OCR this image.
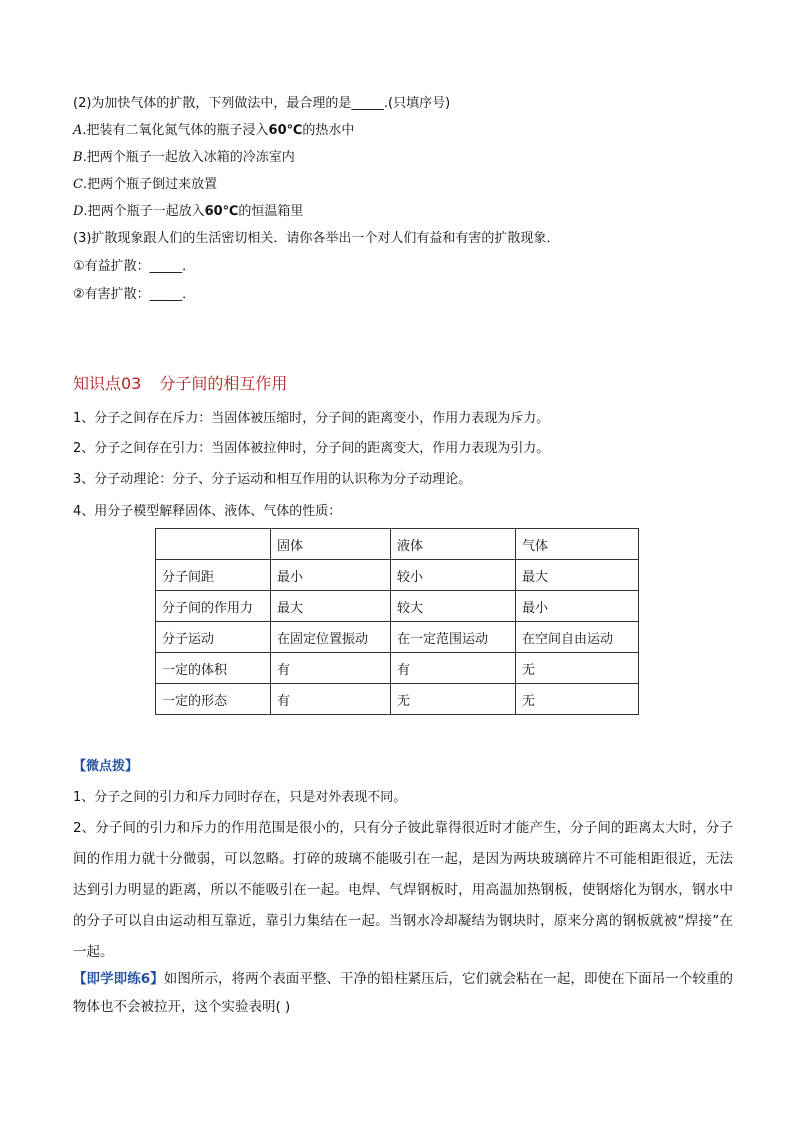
(2)为加快气体的扩散，下列做法中，最合理的是_____.(只填序号)
A.把装有二氧化氮气体的瓶子浸入60℃的热水中
B.把两个瓶子一起放入冰箱的冷冻室内
C.把两个瓶子倒过来放置
D.把两个瓶子一起放入60℃的恒温箱里
(3)扩散现象跟人们的生活密切相关．请你各举出一个对人们有益和有害的扩散现象．
①有益扩散：_____．
②有害扩散：_____．
知识点03 分子间的相互作用
1、分子之间存在斥力：当固体被压缩时，分子间的距离变小，作用力表现为斥力。
2、分子之间存在引力：当固体被拉伸时，分子间的距离变大，作用力表现为引力。
3、分子动理论：分子、分子运动和相互作用的认识称为分子动理论。
4、用分子模型解释固体、液体、气体的性质：
	固体	液体	气体
分子间距	最小	较小	最大
分子间的作用力	最大	较大	最小
分子运动	在固定位置振动	在一定范围运动	在空间自由运动
一定的体积	有	有	无
一定的形态	有	无	无
【微点拨】
1、分子之间的引力和斥力同时存在，只是对外表现不同。

2、分子间的引力和斥力的作用范围是很小的，只有分子彼此靠得很近时才能产生，分子间的距离太大时，分子间的作用力就十分微弱，可以忽略。打碎的玻璃不能吸引在一起，是因为两块玻璃碎片不可能相距很近，无法达到引力明显的距离，所以不能吸引在一起。电焊、气焊钢板时，用高温加热钢板，使钢熔化为钢水，钢水中的分子可以自由运动相互靠近，靠引力集结在一起。当钢水冷却凝结为钢块时，原来分离的钢板就被“焊接”在一起。

【即学即练6】如图所示，将两个表面平整、干净的铅柱紧压后，它们就会粘在一起，即使在下面吊一个较重的物体也不会被拉开，这个实验表明( )
